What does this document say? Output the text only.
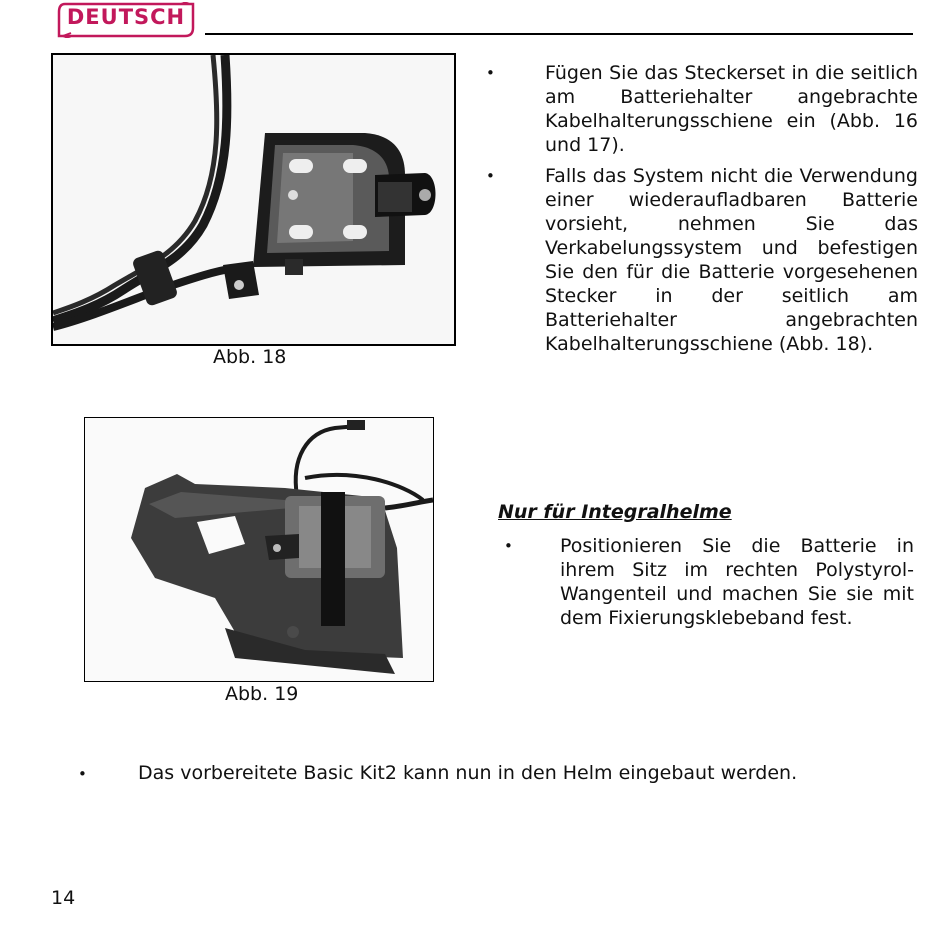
DEUTSCH
Abb. 18
•	Fügen Sie das Steckerset in die seitlich am Batteriehalter angebrachte Kabelhalterungsschiene ein (Abb. 16 und 17).
•	Falls das System nicht die Verwendung einer wiederaufladbaren Batterie vorsieht, nehmen Sie das Verkabelungssystem und befestigen Sie den für die Batterie vorgesehenen Stecker in der seitlich am Batteriehalter angebrachten Kabelhalterungsschiene (Abb. 18).
Abb. 19
Nur für Integralhelme
• Positionieren Sie die Batterie in ihrem Sitz im rechten Polystyrol-Wangenteil und machen Sie sie mit dem Fixierungsklebeband fest.
•	Das vorbereitete Basic Kit2 kann nun in den Helm eingebaut werden.
14
